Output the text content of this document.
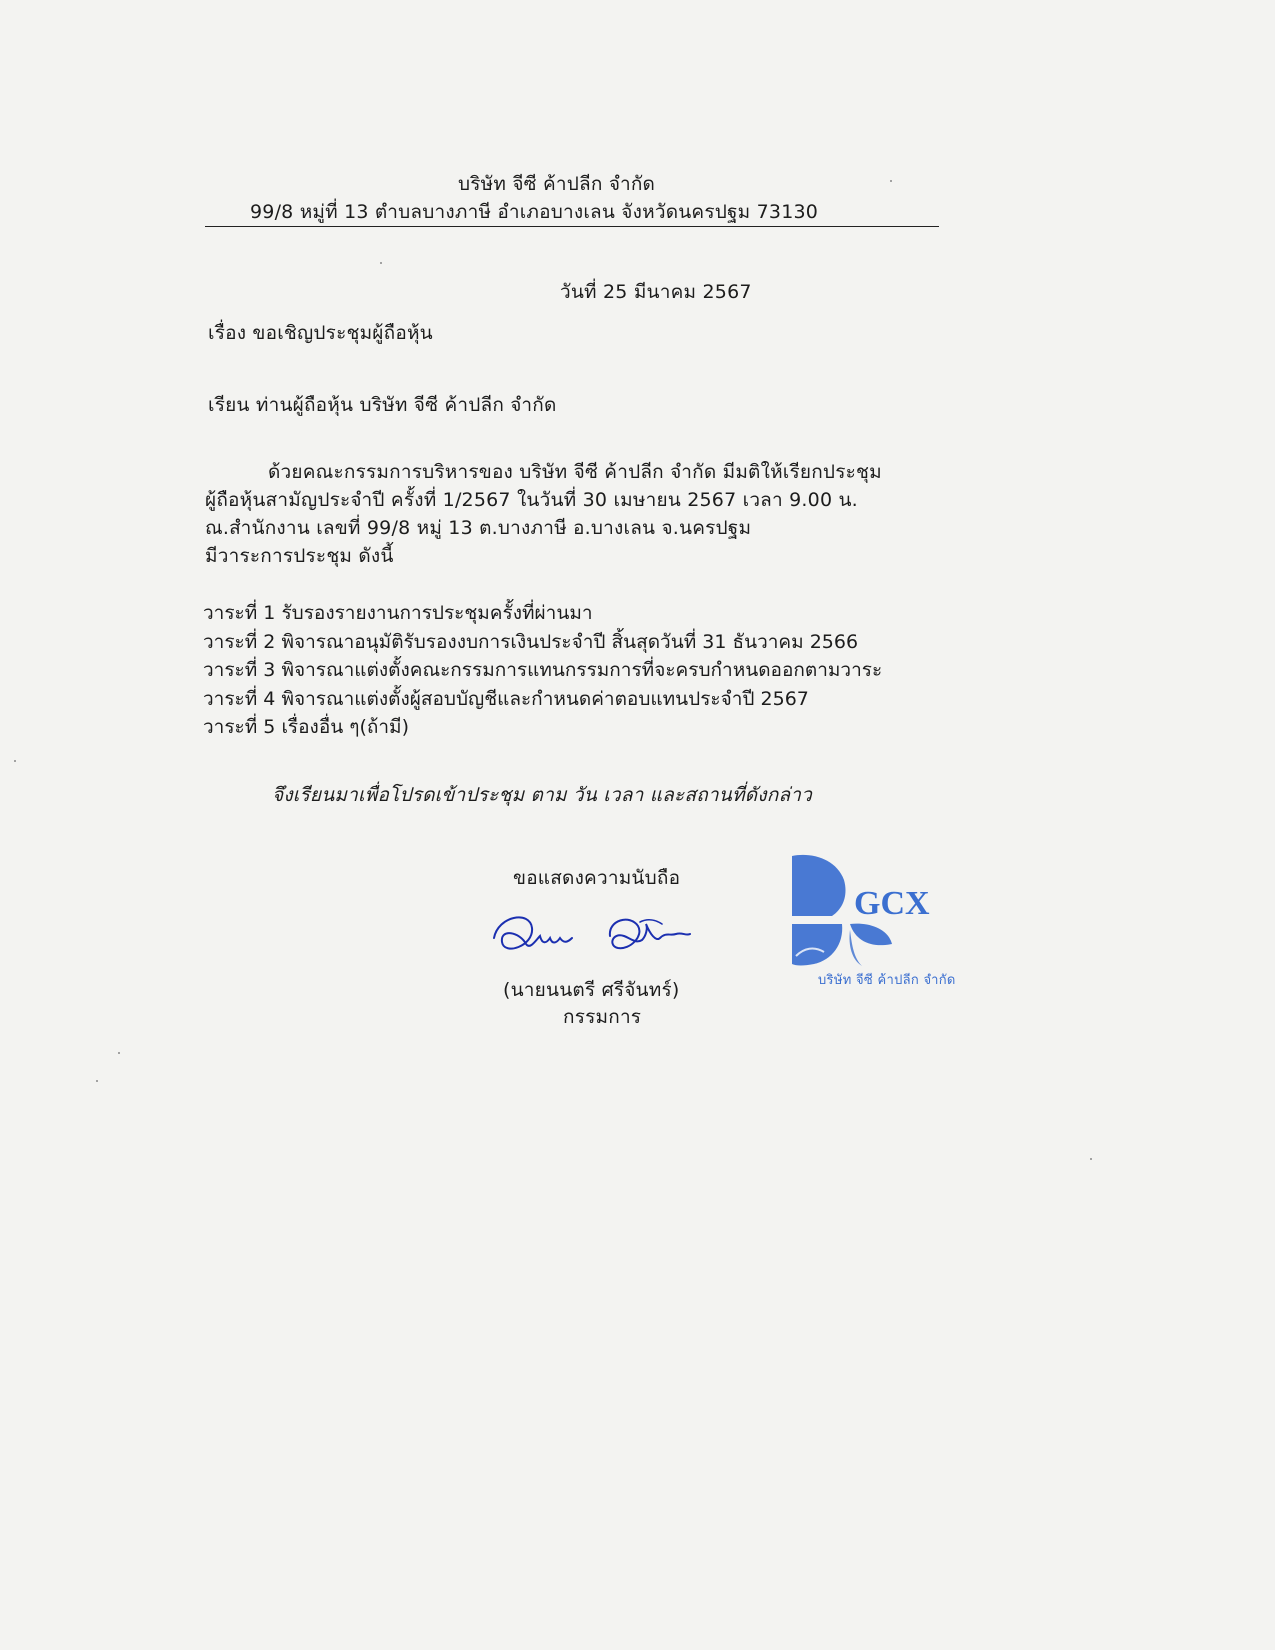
บริษัท จีซี ค้าปลีก จำกัด
99/8 หมู่ที่ 13 ตำบลบางภาษี อำเภอบางเลน จังหวัดนครปฐม 73130
วันที่ 25 มีนาคม 2567
เรื่อง ขอเชิญประชุมผู้ถือหุ้น
เรียน ท่านผู้ถือหุ้น บริษัท จีซี ค้าปลีก จำกัด
ด้วยคณะกรรมการบริหารของ บริษัท จีซี ค้าปลีก จำกัด มีมติให้เรียกประชุม
ผู้ถือหุ้นสามัญประจำปี ครั้งที่ 1/2567 ในวันที่ 30 เมษายน 2567 เวลา 9.00 น.
ณ.สำนักงาน เลขที่ 99/8 หมู่ 13 ต.บางภาษี อ.บางเลน จ.นครปฐม
มีวาระการประชุม ดังนี้
วาระที่ 1 รับรองรายงานการประชุมครั้งที่ผ่านมา
วาระที่ 2 พิจารณาอนุมัติรับรองงบการเงินประจำปี สิ้นสุดวันที่ 31 ธันวาคม 2566
วาระที่ 3 พิจารณาแต่งตั้งคณะกรรมการแทนกรรมการที่จะครบกำหนดออกตามวาระ
วาระที่ 4 พิจารณาแต่งตั้งผู้สอบบัญชีและกำหนดค่าตอบแทนประจำปี 2567
วาระที่ 5 เรื่องอื่น ๆ(ถ้ามี)
จึงเรียนมาเพื่อโปรดเข้าประชุม ตาม วัน เวลา และสถานที่ดังกล่าว
ขอแสดงความนับถือ
(นายนนตรี ศรีจันทร์)
กรรมการ
GCX
บริษัท จีซี ค้าปลีก จำกัด
